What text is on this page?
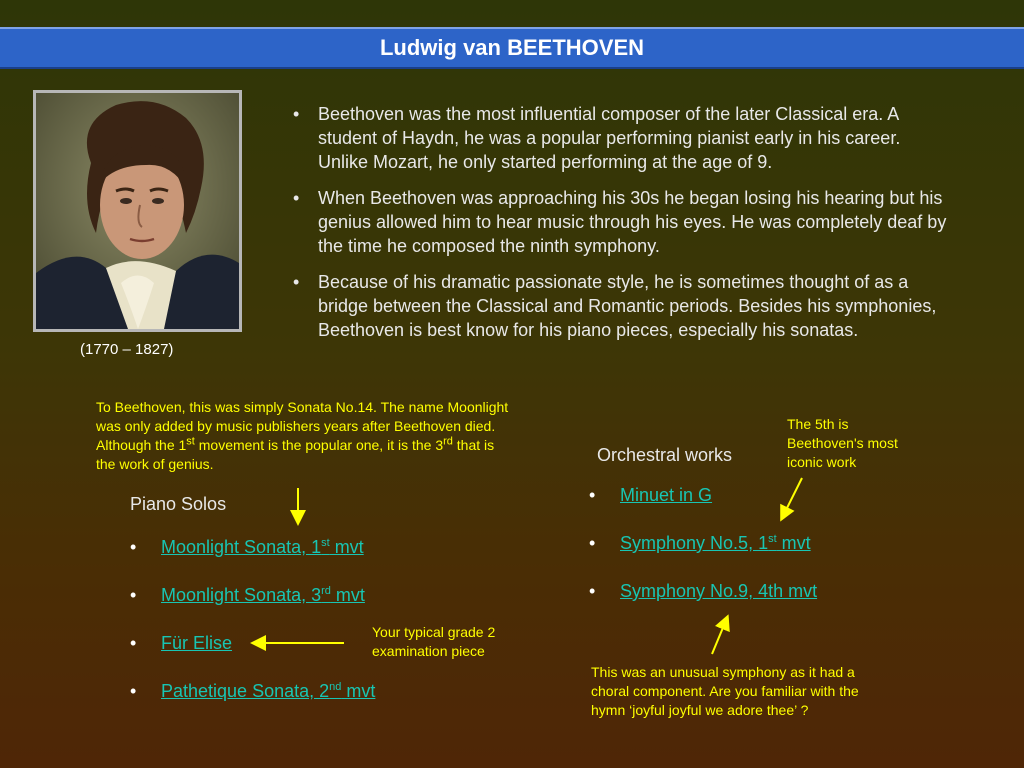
Ludwig van BEETHOVEN
(1770 – 1827)
• Beethoven was the most influential composer of the later Classical era. A student of Haydn, he was a popular performing pianist early in his career. Unlike Mozart, he only started performing at the age of 9.
• When Beethoven was approaching his 30s he began losing his hearing but his genius allowed him to hear music through his eyes. He was completely deaf by the time he composed the ninth symphony.
• Because of his dramatic passionate style, he is sometimes thought of as a bridge between the Classical and Romantic periods. Besides his symphonies, Beethoven is best know for his piano pieces, especially his sonatas.
To Beethoven, this was simply Sonata No.14. The name Moonlight was only added by music publishers years after Beethoven died. Although the 1st movement is the popular one, it is the 3rd that is the work of genius.
The 5th is Beethoven's most iconic work
Your typical grade 2 examination piece
This was an unusual symphony as it had a choral component. Are you familiar with the hymn ‘joyful joyful we adore thee’ ?
Piano Solos
• Moonlight Sonata, 1st mvt
• Moonlight Sonata, 3rd mvt
• Für Elise
• Pathetique Sonata, 2nd mvt
Orchestral works
• Minuet in G
• Symphony No.5, 1st mvt
• Symphony No.9, 4th mvt
